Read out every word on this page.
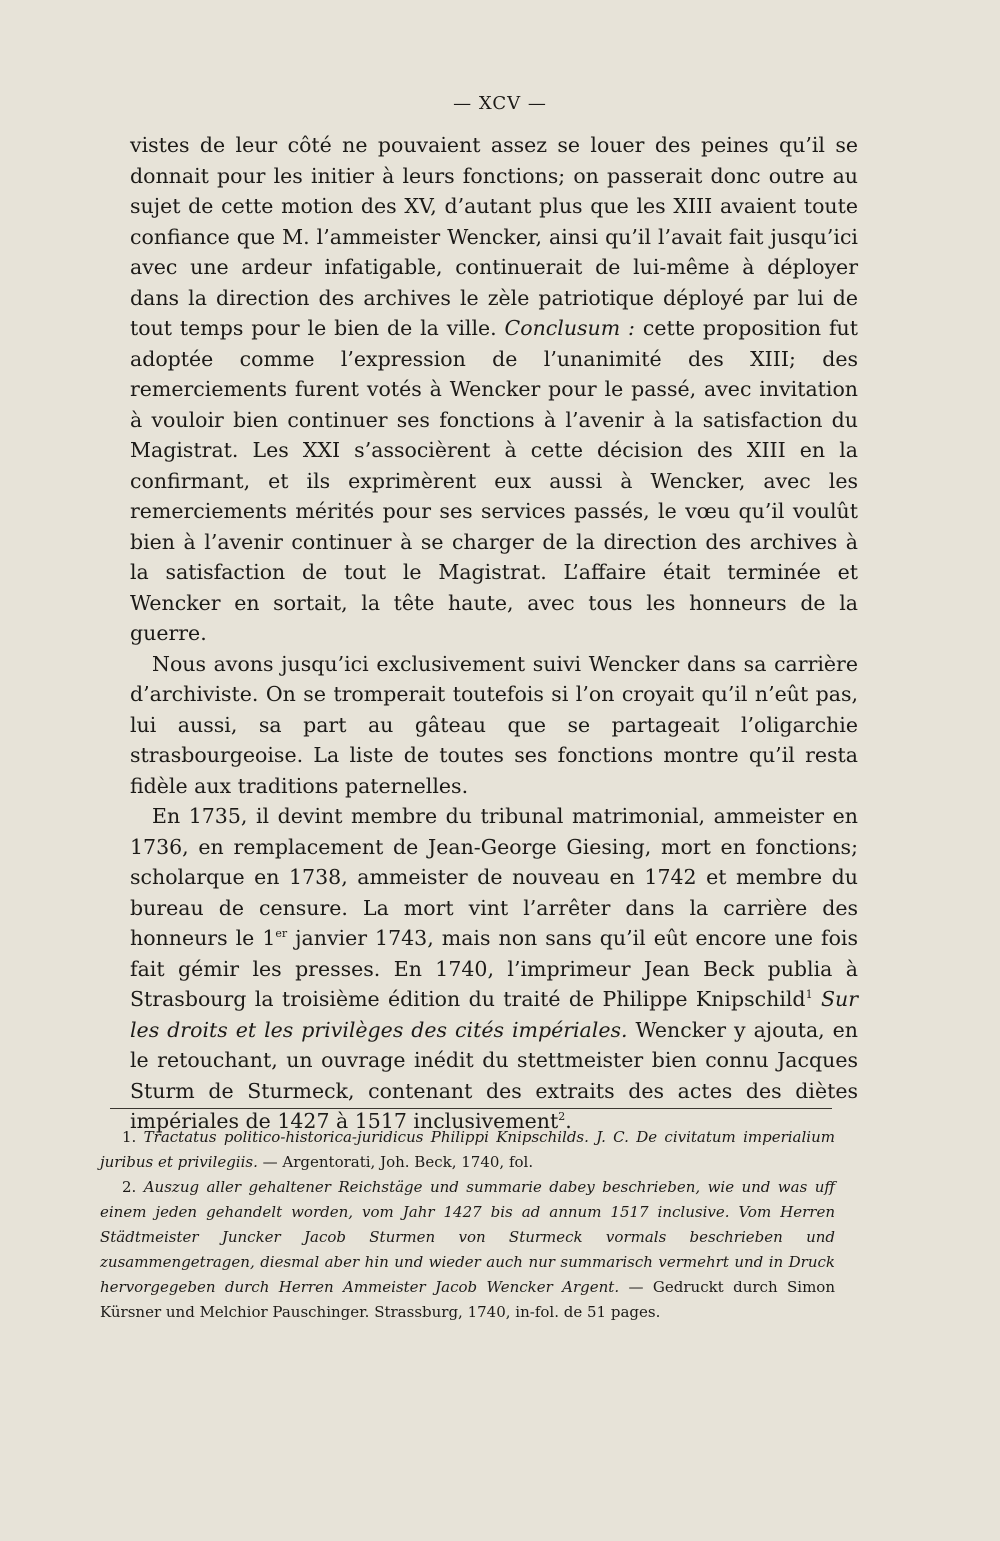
— XCV —

vistes de leur côté ne pouvaient assez se louer des peines qu’il se donnait pour les initier à leurs fonctions; on passerait donc outre au sujet de cette motion des XV, d’autant plus que les XIII avaient toute confiance que M. l’ammeister Wencker, ainsi qu’il l’avait fait jusqu’ici avec une ardeur infatigable, continuerait de lui-même à déployer dans la direction des archives le zèle patriotique déployé par lui de tout temps pour le bien de la ville. Conclusum : cette proposition fut adoptée comme l’expression de l’unanimité des XIII; des remerciements furent votés à Wencker pour le passé, avec invitation à vouloir bien continuer ses fonctions à l’avenir à la satisfaction du Magistrat. Les XXI s’associèrent à cette décision des XIII en la confirmant, et ils exprimèrent eux aussi à Wencker, avec les remerciements mérités pour ses services passés, le vœu qu’il voulût bien à l’avenir continuer à se charger de la direction des archives à la satisfaction de tout le Magistrat. L’affaire était terminée et Wencker en sortait, la tête haute, avec tous les honneurs de la guerre.

Nous avons jusqu’ici exclusivement suivi Wencker dans sa carrière d’archiviste. On se tromperait toutefois si l’on croyait qu’il n’eût pas, lui aussi, sa part au gâteau que se partageait l’oligarchie strasbourgeoise. La liste de toutes ses fonctions montre qu’il resta fidèle aux traditions paternelles.

En 1735, il devint membre du tribunal matrimonial, ammeister en 1736, en remplacement de Jean-George Giesing, mort en fonctions; scholarque en 1738, ammeister de nouveau en 1742 et membre du bureau de censure. La mort vint l’arrêter dans la carrière des honneurs le 1er janvier 1743, mais non sans qu’il eût encore une fois fait gémir les presses. En 1740, l’imprimeur Jean Beck publia à Strasbourg la troisième édition du traité de Philippe Knipschild$^1$ Sur les droits et les privilèges des cités impériales. Wencker y ajouta, en le retouchant, un ouvrage inédit du stettmeister bien connu Jacques Sturm de Sturmeck, contenant des extraits des actes des diètes impériales de 1427 à 1517 inclusivement$^2$.

1. Tractatus politico-historica-juridicus Philippi Knipschilds. J. C. De civitatum imperialium juribus et privilegiis. — Argentorati, Joh. Beck, 1740, fol.

2. Auszug aller gehaltener Reichstäge und summarie dabey beschrieben, wie und was uff einem jeden gehandelt worden, vom Jahr 1427 bis ad annum 1517 inclusive. Vom Herren Städtmeister Juncker Jacob Sturmen von Sturmeck vormals beschrieben und zusammengetragen, diesmal aber hin und wieder auch nur summarisch vermehrt und in Druck hervorgegeben durch Herren Ammeister Jacob Wencker Argent. — Gedruckt durch Simon Kürsner und Melchior Pauschinger. Strassburg, 1740, in-fol. de 51 pages.
